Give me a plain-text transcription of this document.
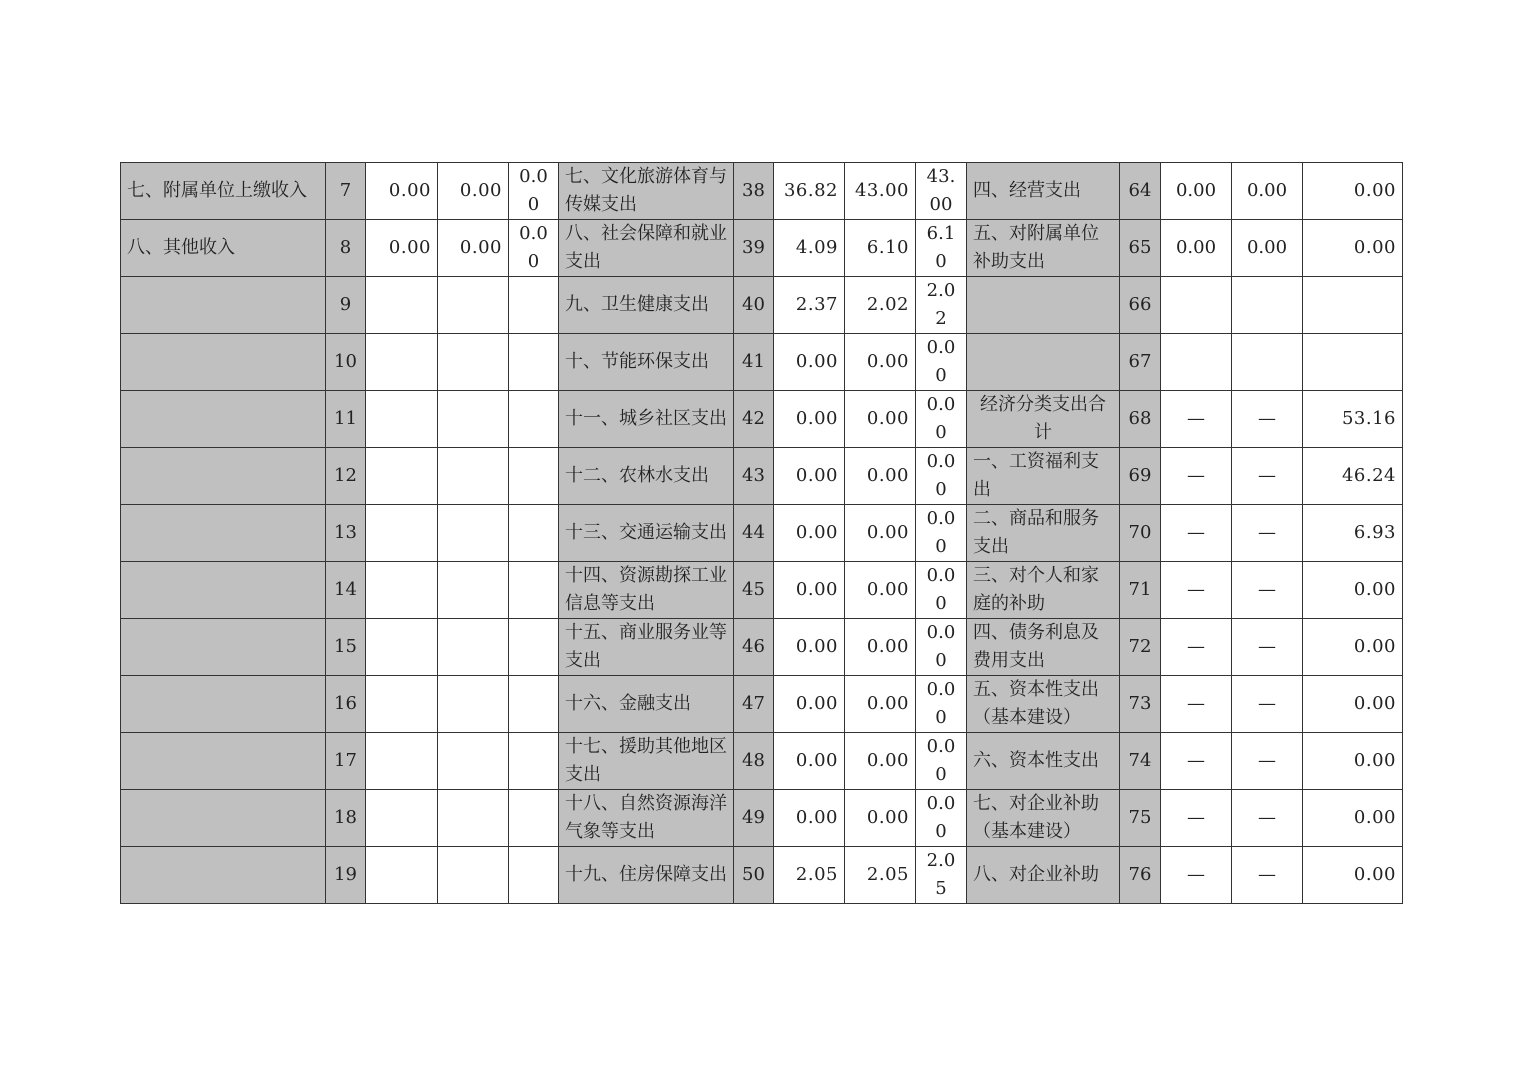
七、附属单位上缴收入	7	0.00	0.00	0.00	七、文化旅游体育与传媒支出	38	36.82	43.00	43.00	四、经营支出	64	0.00	0.00	0.00
八、其他收入	8	0.00	0.00	0.00	八、社会保障和就业支出	39	4.09	6.10	6.10	五、对附属单位补助支出	65	0.00	0.00	0.00
	9				九、卫生健康支出	40	2.37	2.02	2.02		66			
	10				十、节能环保支出	41	0.00	0.00	0.00		67			
	11				十一、城乡社区支出	42	0.00	0.00	0.00	经济分类支出合计	68	—	—	53.16
	12				十二、农林水支出	43	0.00	0.00	0.00	一、工资福利支出	69	—	—	46.24
	13				十三、交通运输支出	44	0.00	0.00	0.00	二、商品和服务支出	70	—	—	6.93
	14				十四、资源勘探工业信息等支出	45	0.00	0.00	0.00	三、对个人和家庭的补助	71	—	—	0.00
	15				十五、商业服务业等支出	46	0.00	0.00	0.00	四、债务利息及费用支出	72	—	—	0.00
	16				十六、金融支出	47	0.00	0.00	0.00	五、资本性支出（基本建设）	73	—	—	0.00
	17				十七、援助其他地区支出	48	0.00	0.00	0.00	六、资本性支出	74	—	—	0.00
	18				十八、自然资源海洋气象等支出	49	0.00	0.00	0.00	七、对企业补助（基本建设）	75	—	—	0.00
	19				十九、住房保障支出	50	2.05	2.05	2.05	八、对企业补助	76	—	—	0.00
